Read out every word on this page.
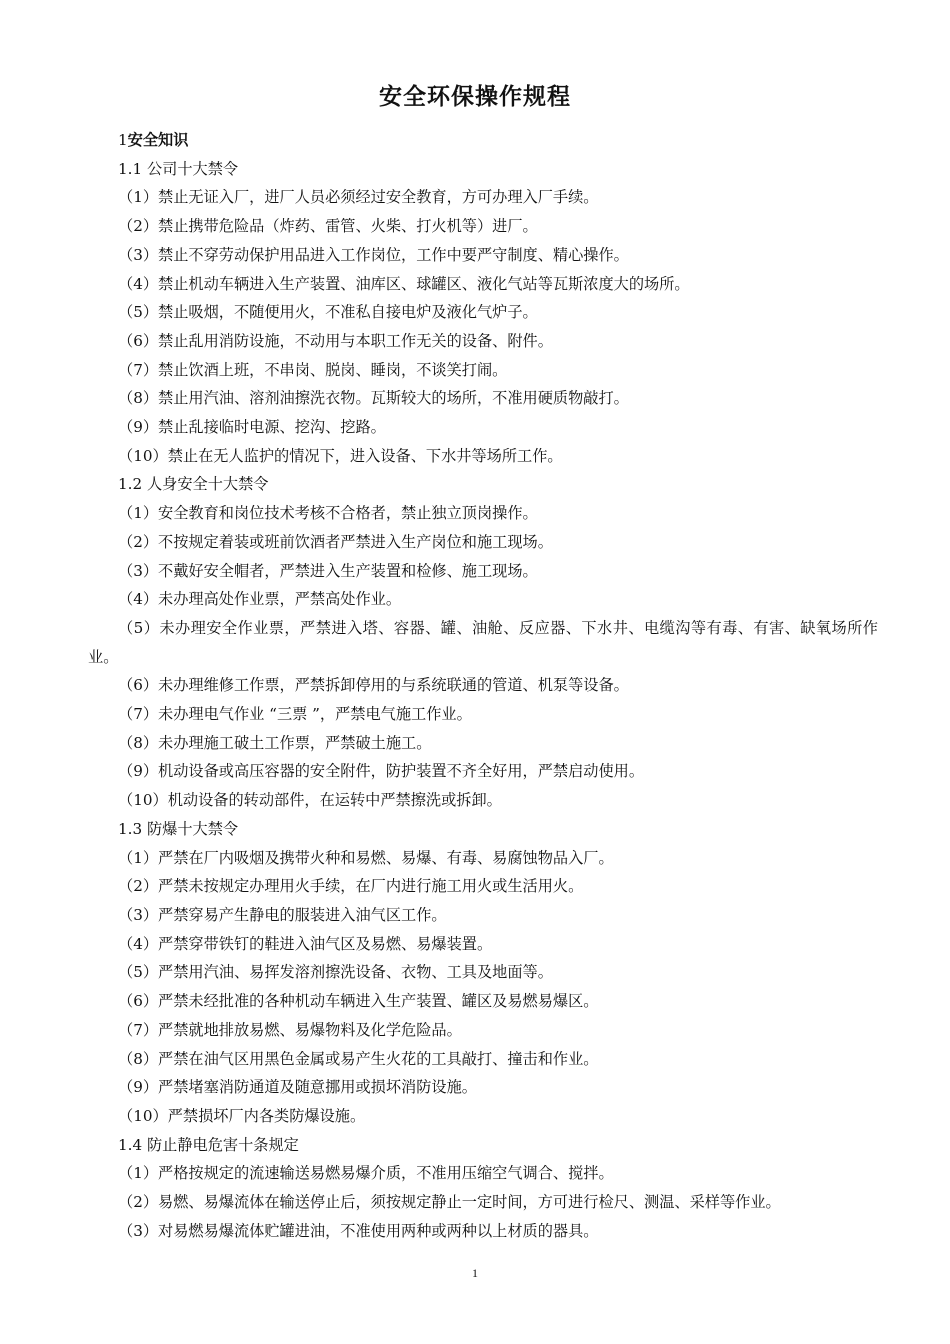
安全环保操作规程
1安全知识
1.1 公司十大禁令
（1）禁止无证入厂，进厂人员必须经过安全教育，方可办理入厂手续。
（2）禁止携带危险品（炸药、雷管、火柴、打火机等）进厂。
（3）禁止不穿劳动保护用品进入工作岗位，工作中要严守制度、精心操作。
（4）禁止机动车辆进入生产装置、油库区、球罐区、液化气站等瓦斯浓度大的场所。
（5）禁止吸烟，不随便用火，不准私自接电炉及液化气炉子。
（6）禁止乱用消防设施，不动用与本职工作无关的设备、附件。
（7）禁止饮酒上班，不串岗、脱岗、睡岗，不谈笑打闹。
（8）禁止用汽油、溶剂油擦洗衣物。瓦斯较大的场所，不准用硬质物敲打。
（9）禁止乱接临时电源、挖沟、挖路。
（10）禁止在无人监护的情况下，进入设备、下水井等场所工作。
1.2 人身安全十大禁令
（1）安全教育和岗位技术考核不合格者，禁止独立顶岗操作。
（2）不按规定着装或班前饮酒者严禁进入生产岗位和施工现场。
（3）不戴好安全帽者，严禁进入生产装置和检修、施工现场。
（4）未办理高处作业票，严禁高处作业。
（5）未办理安全作业票，严禁进入塔、容器、罐、油舱、反应器、下水井、电缆沟等有毒、有害、缺氧场所作业。
（6）未办理维修工作票，严禁拆卸停用的与系统联通的管道、机泵等设备。
（7）未办理电气作业 “三票 ”，严禁电气施工作业。
（8）未办理施工破土工作票，严禁破土施工。
（9）机动设备或高压容器的安全附件，防护装置不齐全好用，严禁启动使用。
（10）机动设备的转动部件，在运转中严禁擦洗或拆卸。
1.3 防爆十大禁令
（1）严禁在厂内吸烟及携带火种和易燃、易爆、有毒、易腐蚀物品入厂。
（2）严禁未按规定办理用火手续，在厂内进行施工用火或生活用火。
（3）严禁穿易产生静电的服装进入油气区工作。
（4）严禁穿带铁钉的鞋进入油气区及易燃、易爆装置。
（5）严禁用汽油、易挥发溶剂擦洗设备、衣物、工具及地面等。
（6）严禁未经批准的各种机动车辆进入生产装置、罐区及易燃易爆区。
（7）严禁就地排放易燃、易爆物料及化学危险品。
（8）严禁在油气区用黑色金属或易产生火花的工具敲打、撞击和作业。
（9）严禁堵塞消防通道及随意挪用或损坏消防设施。
（10）严禁损坏厂内各类防爆设施。
1.4 防止静电危害十条规定
（1）严格按规定的流速输送易燃易爆介质，不准用压缩空气调合、搅拌。
（2）易燃、易爆流体在输送停止后，须按规定静止一定时间，方可进行检尺、测温、采样等作业。
（3）对易燃易爆流体贮罐进油，不准使用两种或两种以上材质的器具。
1
